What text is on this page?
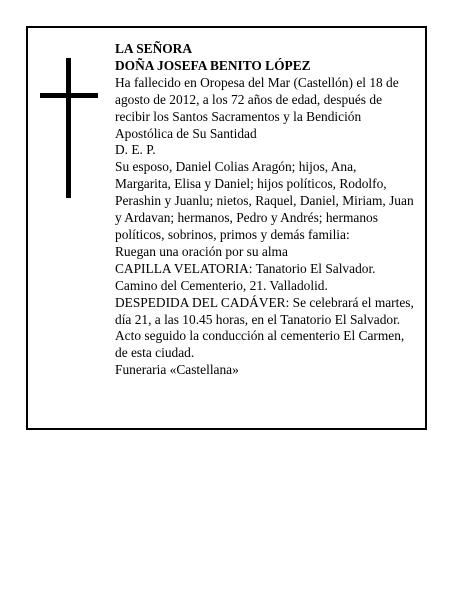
LA SEÑORA
DOÑA JOSEFA BENITO LÓPEZ
Ha fallecido en Oropesa del Mar (Castellón) el 18 de
agosto de 2012, a los 72 años de edad, después de
recibir los Santos Sacramentos y la Bendición
Apostólica de Su Santidad
D. E. P.
Su esposo, Daniel Colias Aragón; hijos, Ana,
Margarita, Elisa y Daniel; hijos políticos, Rodolfo,
Perashin y Juanlu; nietos, Raquel, Daniel, Miriam, Juan
y Ardavan; hermanos, Pedro y Andrés; hermanos
políticos, sobrinos, primos y demás familia:
Ruegan una oración por su alma
CAPILLA VELATORIA: Tanatorio El Salvador.
Camino del Cementerio, 21. Valladolid.
DESPEDIDA DEL CADÁVER: Se celebrará el martes,
día 21, a las 10.45 horas, en el Tanatorio El Salvador.
Acto seguido la conducción al cementerio El Carmen,
de esta ciudad.
Funeraria «Castellana»
